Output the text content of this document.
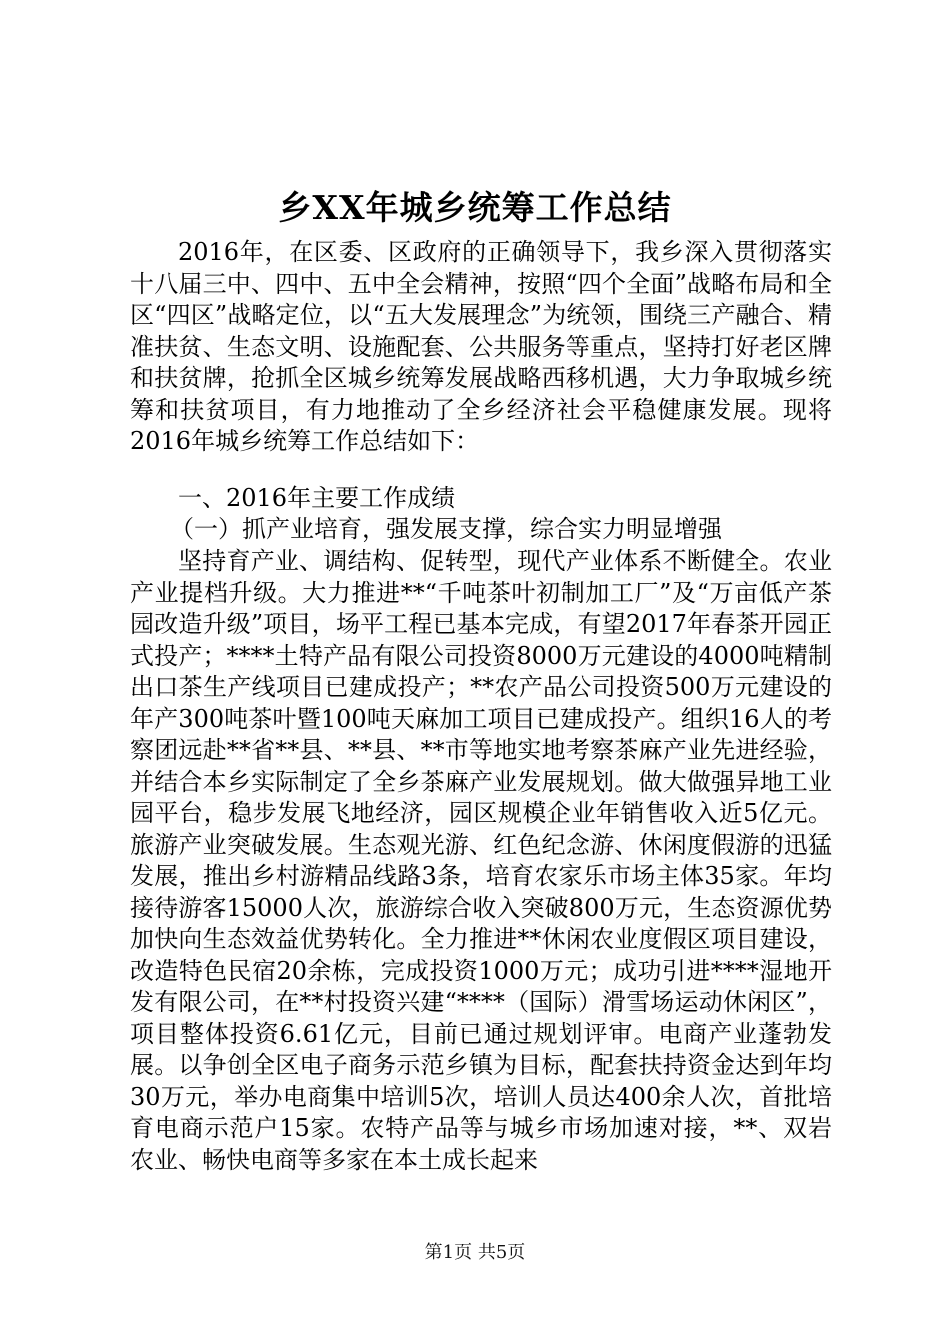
乡XX年城乡统筹工作总结
2016年，在区委、区政府的正确领导下，我乡深入贯彻落实十八届三中、四中、五中全会精神，按照“四个全面”战略布局和全区“四区”战略定位，以“五大发展理念”为统领，围绕三产融合、精准扶贫、生态文明、设施配套、公共服务等重点，坚持打好老区牌和扶贫牌，抢抓全区城乡统筹发展战略西移机遇，大力争取城乡统筹和扶贫项目，有力地推动了全乡经济社会平稳健康发展。现将2016年城乡统筹工作总结如下：
一、2016年主要工作成绩
（一）抓产业培育，强发展支撑，综合实力明显增强
坚持育产业、调结构、促转型，现代产业体系不断健全。农业产业提档升级。大力推进**“千吨茶叶初制加工厂”及“万亩低产茶园改造升级”项目，场平工程已基本完成，有望2017年春茶开园正式投产；****土特产品有限公司投资8000万元建设的4000吨精制出口茶生产线项目已建成投产；**农产品公司投资500万元建设的年产300吨茶叶暨100吨天麻加工项目已建成投产。组织16人的考察团远赴**省**县、**县、**市等地实地考察茶麻产业先进经验，并结合本乡实际制定了全乡茶麻产业发展规划。做大做强异地工业园平台，稳步发展飞地经济，园区规模企业年销售收入近5亿元。旅游产业突破发展。生态观光游、红色纪念游、休闲度假游的迅猛发展，推出乡村游精品线路3条，培育农家乐市场主体35家。年均接待游客15000人次，旅游综合收入突破800万元，生态资源优势加快向生态效益优势转化。全力推进**休闲农业度假区项目建设，改造特色民宿20余栋，完成投资1000万元；成功引进****湿地开发有限公司，在**村投资兴建“****（国际）滑雪场运动休闲区”，项目整体投资6.61亿元，目前已通过规划评审。电商产业蓬勃发展。以争创全区电子商务示范乡镇为目标，配套扶持资金达到年均30万元，举办电商集中培训5次，培训人员达400余人次，首批培育电商示范户15家。农特产品等与城乡市场加速对接，**、双岩农业、畅快电商等多家在本土成长起来
第1页 共5页
